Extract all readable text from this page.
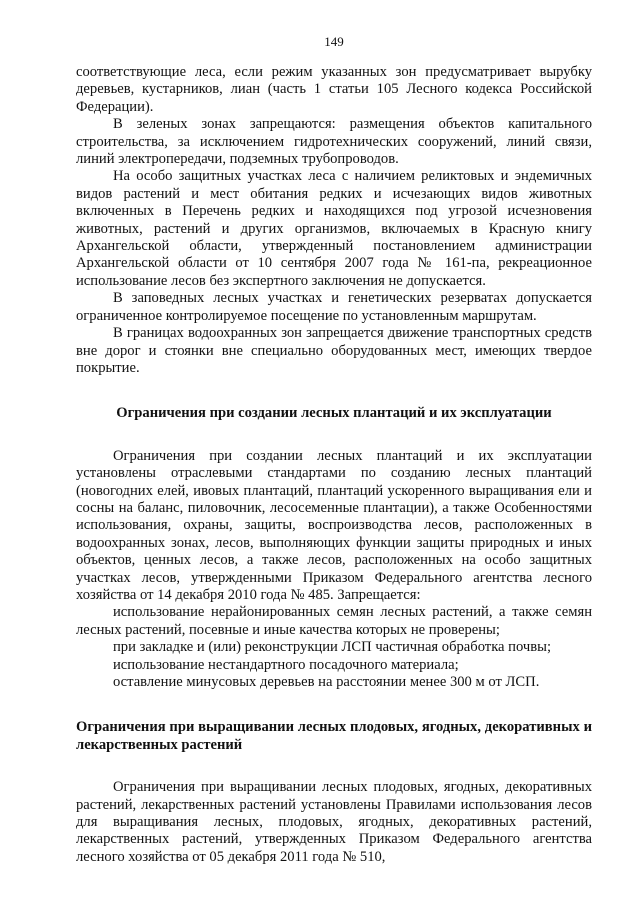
149

соответствующие леса, если режим указанных зон предусматривает вырубку деревьев, кустарников, лиан (часть 1 статьи 105 Лесного кодекса Российской Федерации).

В зеленых зонах запрещаются: размещения объектов капитального строительства, за исключением гидротехнических сооружений, линий связи, линий электропередачи, подземных трубопроводов.

На особо защитных участках леса с наличием реликтовых и эндемичных видов растений и мест обитания редких и исчезающих видов животных включенных в Перечень редких и находящихся под угрозой исчезновения животных, растений и других организмов, включаемых в Красную книгу Архангельской области, утвержденный постановлением администрации Архангельской области от 10 сентября 2007 года № 161-па, рекреационное использование лесов без экспертного заключения не допускается.

В заповедных лесных участках и генетических резерватах допускается ограниченное контролируемое посещение по установленным маршрутам.

В границах водоохранных зон запрещается движение транспортных средств вне дорог и стоянки вне специально оборудованных мест, имеющих твердое покрытие.

Ограничения при создании лесных плантаций и их эксплуатации

Ограничения при создании лесных плантаций и их эксплуатации установлены отраслевыми стандартами по созданию лесных плантаций (новогодних елей, ивовых плантаций, плантаций ускоренного выращивания ели и сосны на баланс, пиловочник, лесосеменные плантации), а также Особенностями использования, охраны, защиты, воспроизводства лесов, расположенных в водоохранных зонах, лесов, выполняющих функции защиты природных и иных объектов, ценных лесов, а также лесов, расположенных на особо защитных участках лесов, утвержденными Приказом Федерального агентства лесного хозяйства от 14 декабря 2010 года № 485. Запрещается:

использование нерайонированных семян лесных растений, а также семян лесных растений, посевные и иные качества которых не проверены;

при закладке и (или) реконструкции ЛСП частичная обработка почвы;

использование нестандартного посадочного материала;

оставление минусовых деревьев на расстоянии менее 300 м от ЛСП.

Ограничения при выращивании лесных плодовых, ягодных, декоративных и лекарственных растений

Ограничения при выращивании лесных плодовых, ягодных, декоративных растений, лекарственных растений установлены Правилами использования лесов для выращивания лесных, плодовых, ягодных, декоративных растений, лекарственных растений, утвержденных Приказом Федерального агентства лесного хозяйства от 05 декабря 2011 года № 510,
